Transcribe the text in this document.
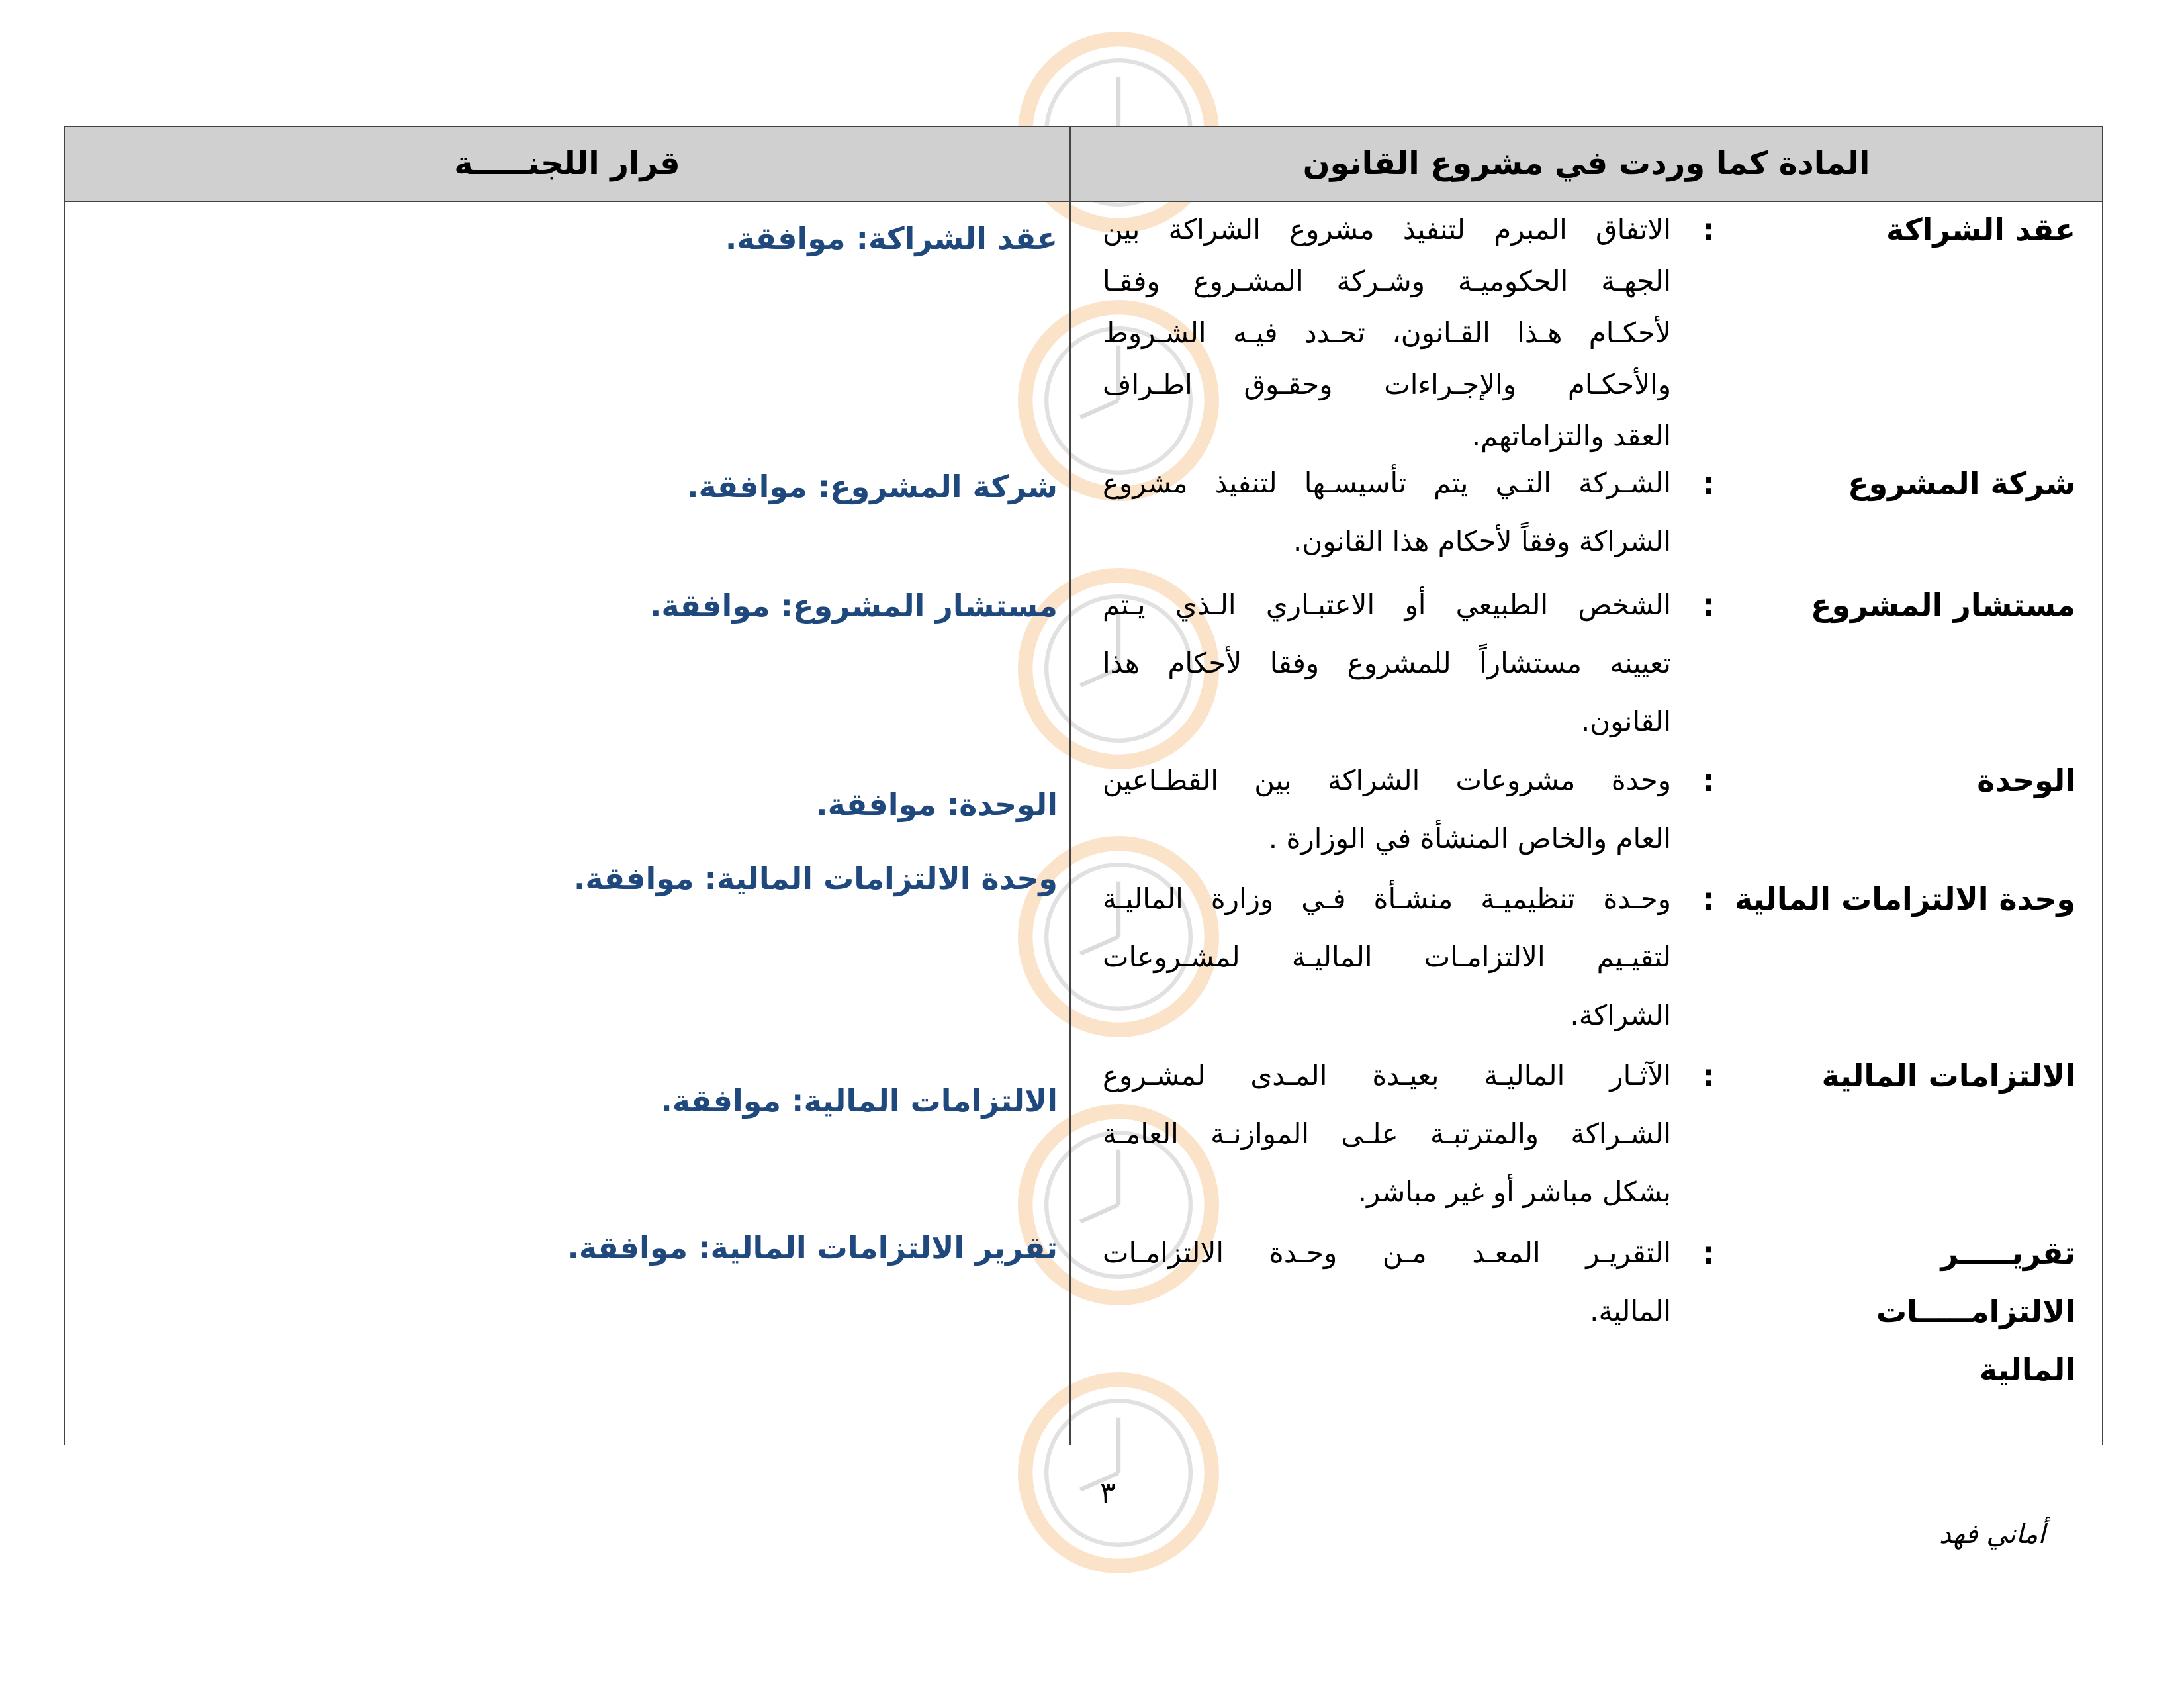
المادة كما وردت في مشروع القانون
قرار اللجنـــــة
عقد الشراكة
:
الاتفاق المبرم لتنفيذ مشروع الشراكة بين
الجهـة الحكوميـة وشـركة المشـروع وفقـا
لأحكـام هـذا القـانون، تحـدد فيـه الشـروط
والأحكـام والإجـراءات وحقـوق اطـراف
العقد والتزاماتهم.
عقد الشراكة: موافقة.
شركة المشروع
:
الشـركة التـي يتم تأسيسـها لتنفيذ مشروع
الشراكة وفقاً لأحكام هذا القانون.
شركة المشروع: موافقة.
مستشار المشروع
:
الشخص الطبيعي أو الاعتبـاري الـذي يـتم
تعيينه مستشاراً للمشروع وفقا لأحكام هذا
القانون.
مستشار المشروع: موافقة.
الوحدة
:
وحدة مشروعات الشراكة بين القطـاعين
العام والخاص المنشأة في الوزارة .
الوحدة: موافقة.
وحدة الالتزامات المالية
:
وحـدة تنظيميـة منشـأة فـي وزارة الماليـة
لتقيـيم الالتزامـات الماليـة لمشـروعات
الشراكة.
وحدة الالتزامات المالية: موافقة.
الالتزامات المالية
:
الآثـار الماليـة بعيـدة المـدى لمشـروع
الشـراكة والمترتبـة علـى الموازنـة العامـة
بشكل مباشر أو غير مباشر.
الالتزامات المالية: موافقة.
تقريـــــر الالتزامـــــات
المالية
:
التقريـر المعـد مـن وحـدة الالتزامـات
المالية.
تقرير الالتزامات المالية: موافقة.
٣
أماني فهد
